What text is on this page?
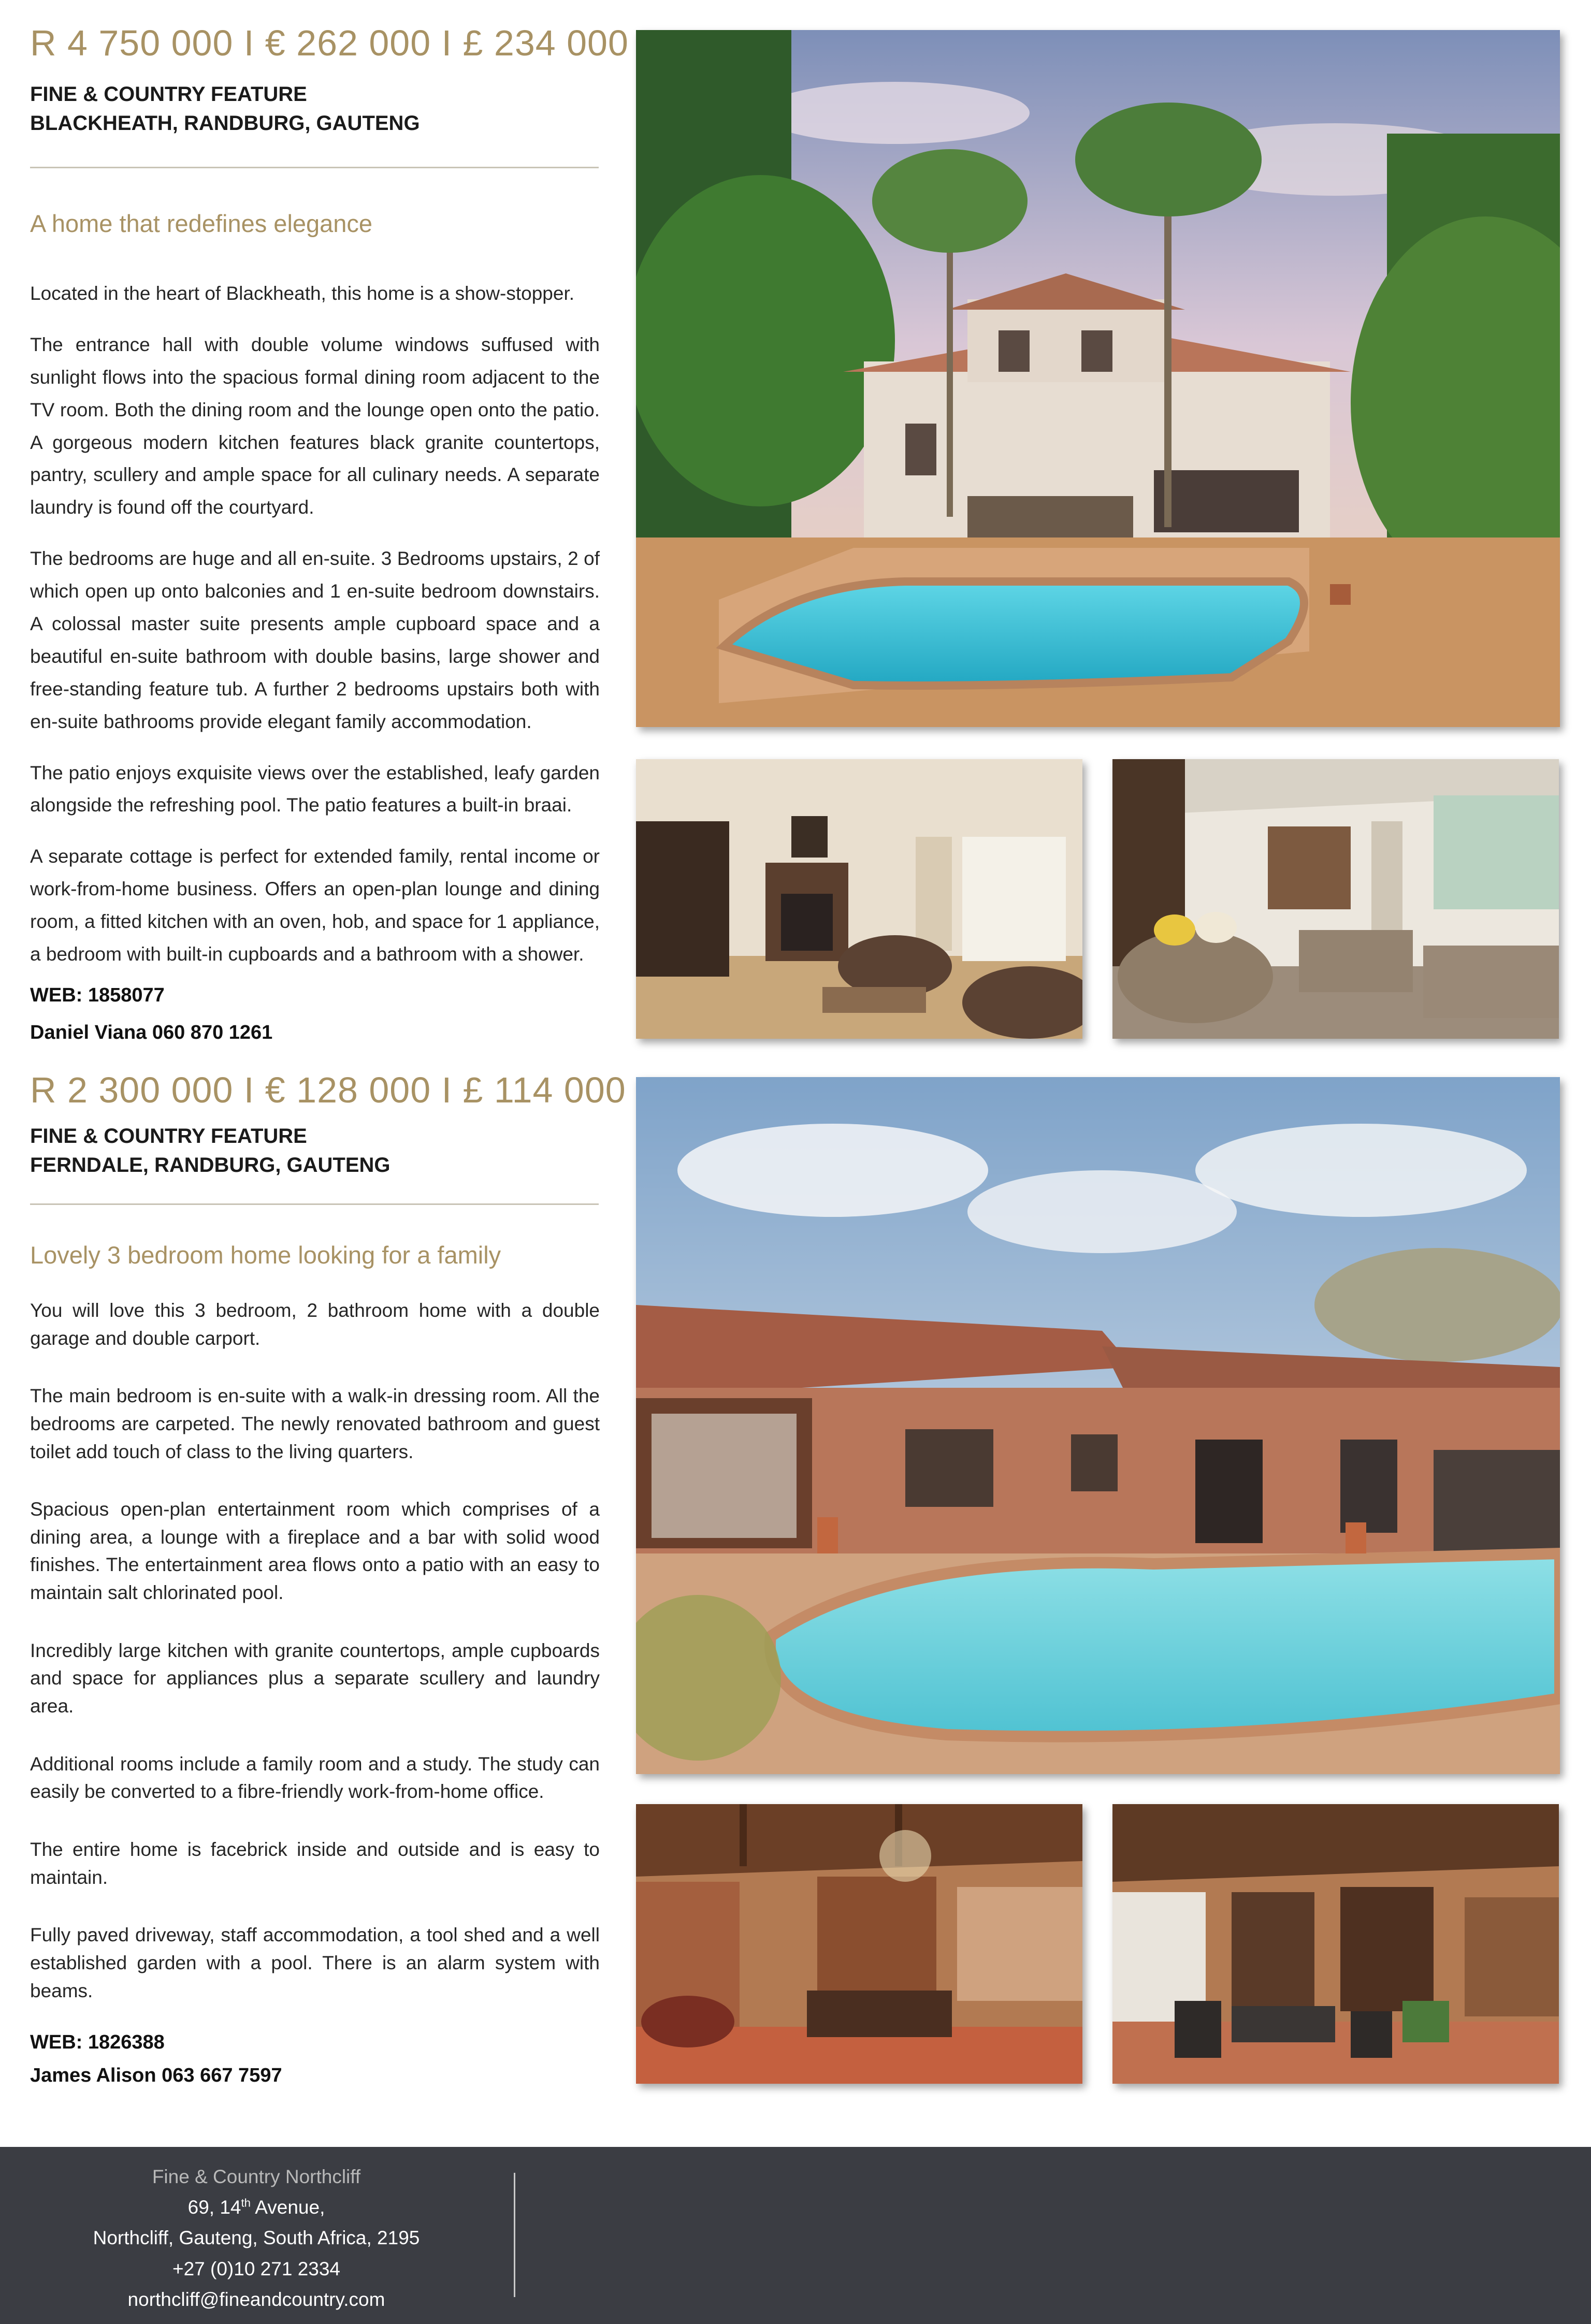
R 4 750 000 I € 262 000 I £ 234 000
FINE & COUNTRY FEATURE
BLACKHEATH, RANDBURG, GAUTENG
A home that redefines elegance

Located in the heart of Blackheath, this home is a show-stopper.

The entrance hall with double volume windows suffused with sunlight flows into the spacious formal dining room adjacent to the TV room. Both the dining room and the lounge open onto the patio. A gorgeous modern kitchen features black granite countertops, pantry, scullery and ample space for all culinary needs. A separate laundry is found off the courtyard.

The bedrooms are huge and all en-suite. 3 Bedrooms upstairs, 2 of which open up onto balconies and 1 en-suite bedroom downstairs. A colossal master suite presents ample cupboard space and a beautiful en-suite bathroom with double basins, large shower and free-standing feature tub. A further 2 bedrooms upstairs both with en-suite bathrooms provide elegant family accommodation.

The patio enjoys exquisite views over the established, leafy garden alongside the refreshing pool. The patio features a built-in braai.

A separate cottage is perfect for extended family, rental income or work-from-home business. Offers an open-plan lounge and dining room, a fitted kitchen with an oven, hob, and space for 1 appliance, a bedroom with built-in cupboards and a bathroom with a shower.

WEB: 1858077
Daniel Viana 060 870 1261
R 2 300 000 I € 128 000 I £ 114 000
FINE & COUNTRY FEATURE
FERNDALE, RANDBURG, GAUTENG
Lovely 3 bedroom home looking for a family

You will love this 3 bedroom, 2 bathroom home with a double garage and double carport.

The main bedroom is en-suite with a walk-in dressing room. All the bedrooms are carpeted. The newly renovated bathroom and guest toilet add touch of class to the living quarters.

Spacious open-plan entertainment room which comprises of a dining area, a lounge with a fireplace and a bar with solid wood finishes. The entertainment area flows onto a patio with an easy to maintain salt chlorinated pool.

Incredibly large kitchen with granite countertops, ample cupboards and space for appliances plus a separate scullery and laundry area.

Additional rooms include a family room and a study. The study can easily be converted to a fibre-friendly work-from-home office.

The entire home is facebrick inside and outside and is easy to maintain.

Fully paved driveway, staff accommodation, a tool shed and a well established garden with a pool. There is an alarm system with beams.

WEB: 1826388
James Alison 063 667 7597
Fine & Country Northcliff
69, 14th Avenue,
Northcliff, Gauteng, South Africa, 2195
+27 (0)10 271 2334
northcliff@fineandcountry.com
